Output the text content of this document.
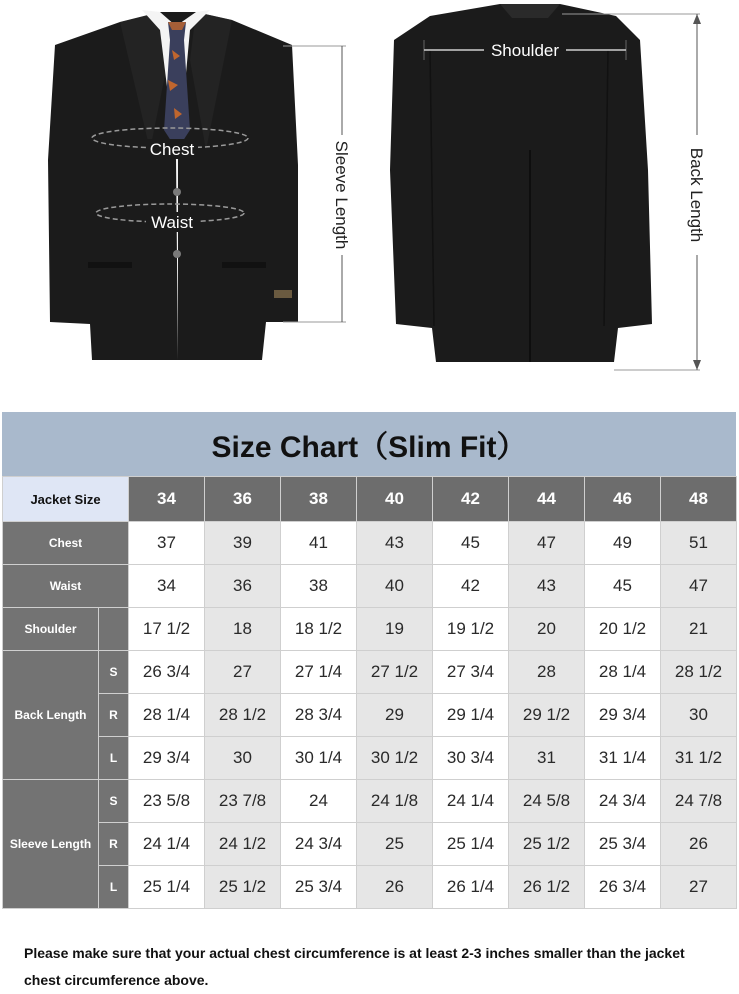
Chest
Waist	Sleeve Length
Shoulder
Back Length
Size Chart（Slim Fit）
Jacket Size		34	36	38	40	42	44	46	48
Chest		37	39	41	43	45	47	49	51
Waist		34	36	38	40	42	43	45	47
Shoulder		17 1/2	18	18 1/2	19	19 1/2	20	20 1/2	21
Back Length	S	26 3/4	27	27 1/4	27 1/2	27 3/4	28	28 1/4	28 1/2
	R	28 1/4	28 1/2	28 3/4	29	29 1/4	29 1/2	29 3/4	30
	L	29 3/4	30	30 1/4	30 1/2	30 3/4	31	31 1/4	31 1/2
Sleeve Length	S	23 5/8	23 7/8	24	24 1/8	24 1/4	24 5/8	24 3/4	24 7/8
	R	24 1/4	24 1/2	24 3/4	25	25 1/4	25 1/2	25 3/4	26
	L	25 1/4	25 1/2	25 3/4	26	26 1/4	26 1/2	26 3/4	27
Please make sure that your actual chest circumference is at least 2-3 inches smaller than the jacket chest circumference above.
